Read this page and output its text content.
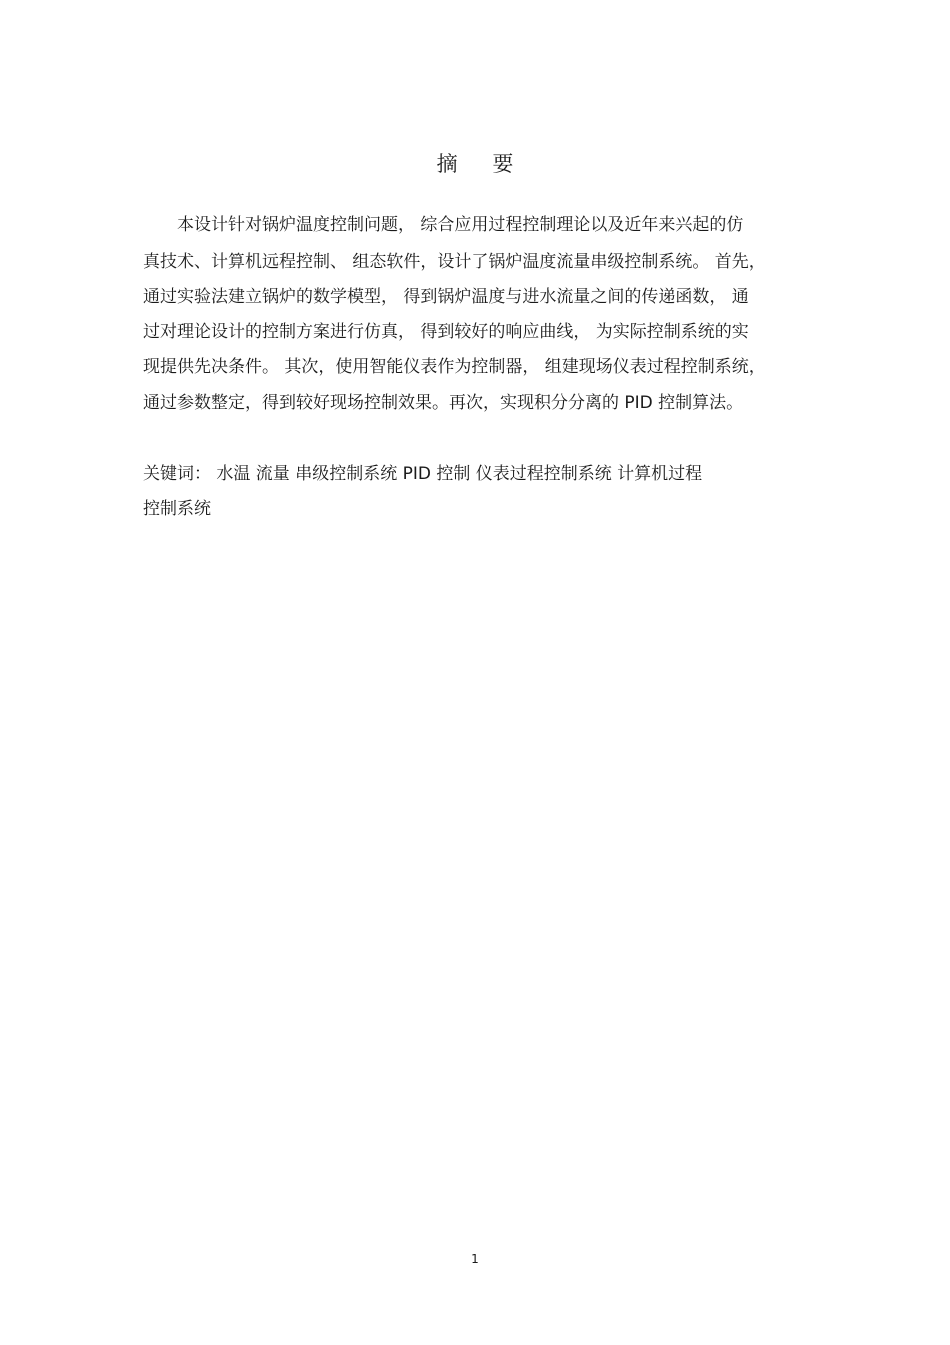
摘 要
本设计针对锅炉温度控制问题， 综合应用过程控制理论以及近年来兴起的仿
真技术、计算机远程控制、 组态软件，设计了锅炉温度流量串级控制系统。 首先，
通过实验法建立锅炉的数学模型， 得到锅炉温度与进水流量之间的传递函数， 通
过对理论设计的控制方案进行仿真， 得到较好的响应曲线， 为实际控制系统的实
现提供先决条件。 其次，使用智能仪表作为控制器， 组建现场仪表过程控制系统，
通过参数整定，得到较好现场控制效果。再次，实现积分分离的 PID 控制算法。
关键词： 水温 流量 串级控制系统 PID 控制 仪表过程控制系统 计算机过程
控制系统
1
